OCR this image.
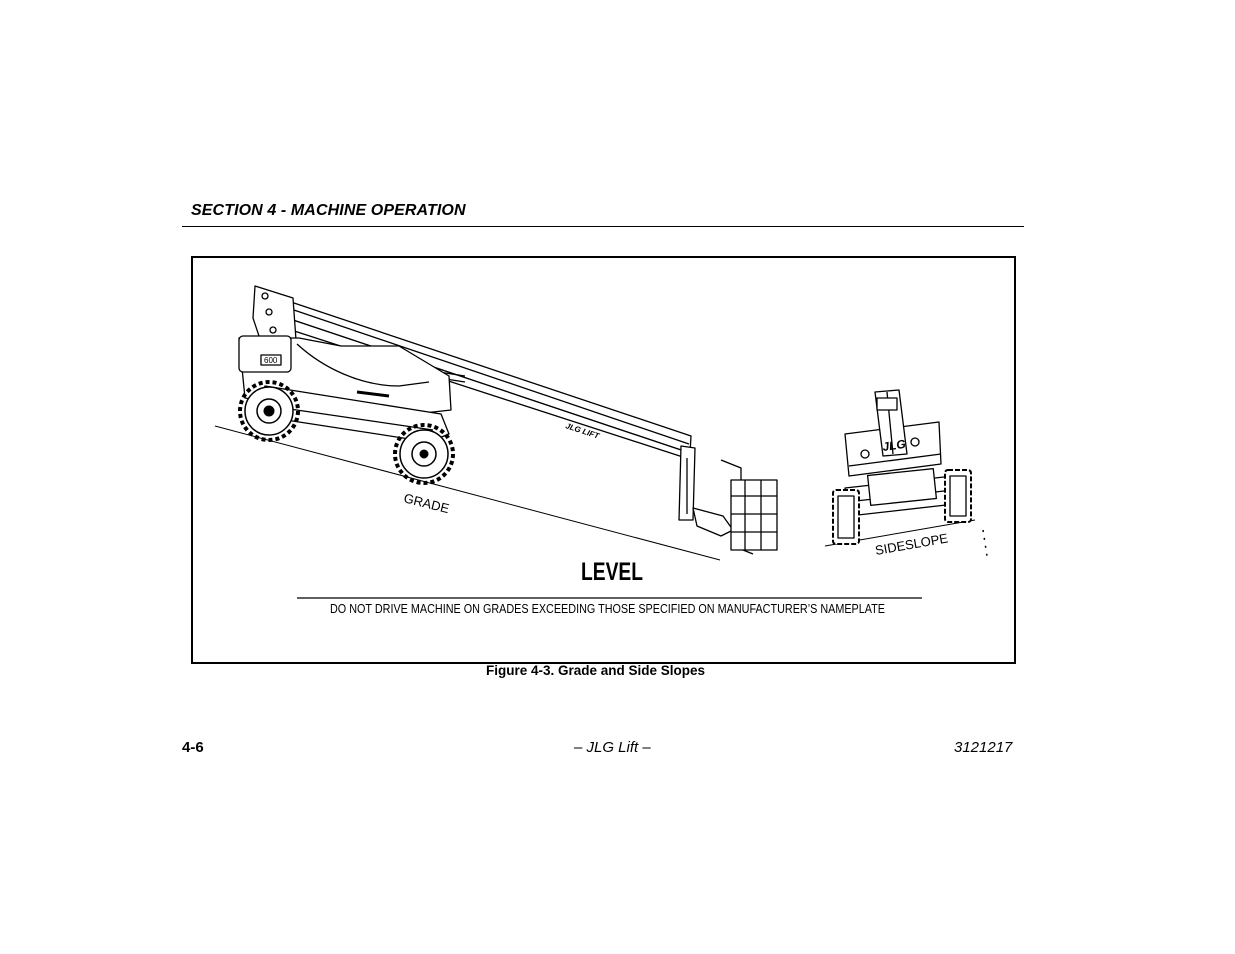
SECTION 4 - MACHINE OPERATION
600
JLG LIFT
GRADE
JLG
SIDESLOPE
LEVEL
DO NOT DRIVE MACHINE ON GRADES EXCEEDING THOSE SPECIFIED ON MANUFACTURER’S NAMEPLATE
Figure 4-3. Grade and Side Slopes
4-6	– JLG Lift –	3121217
